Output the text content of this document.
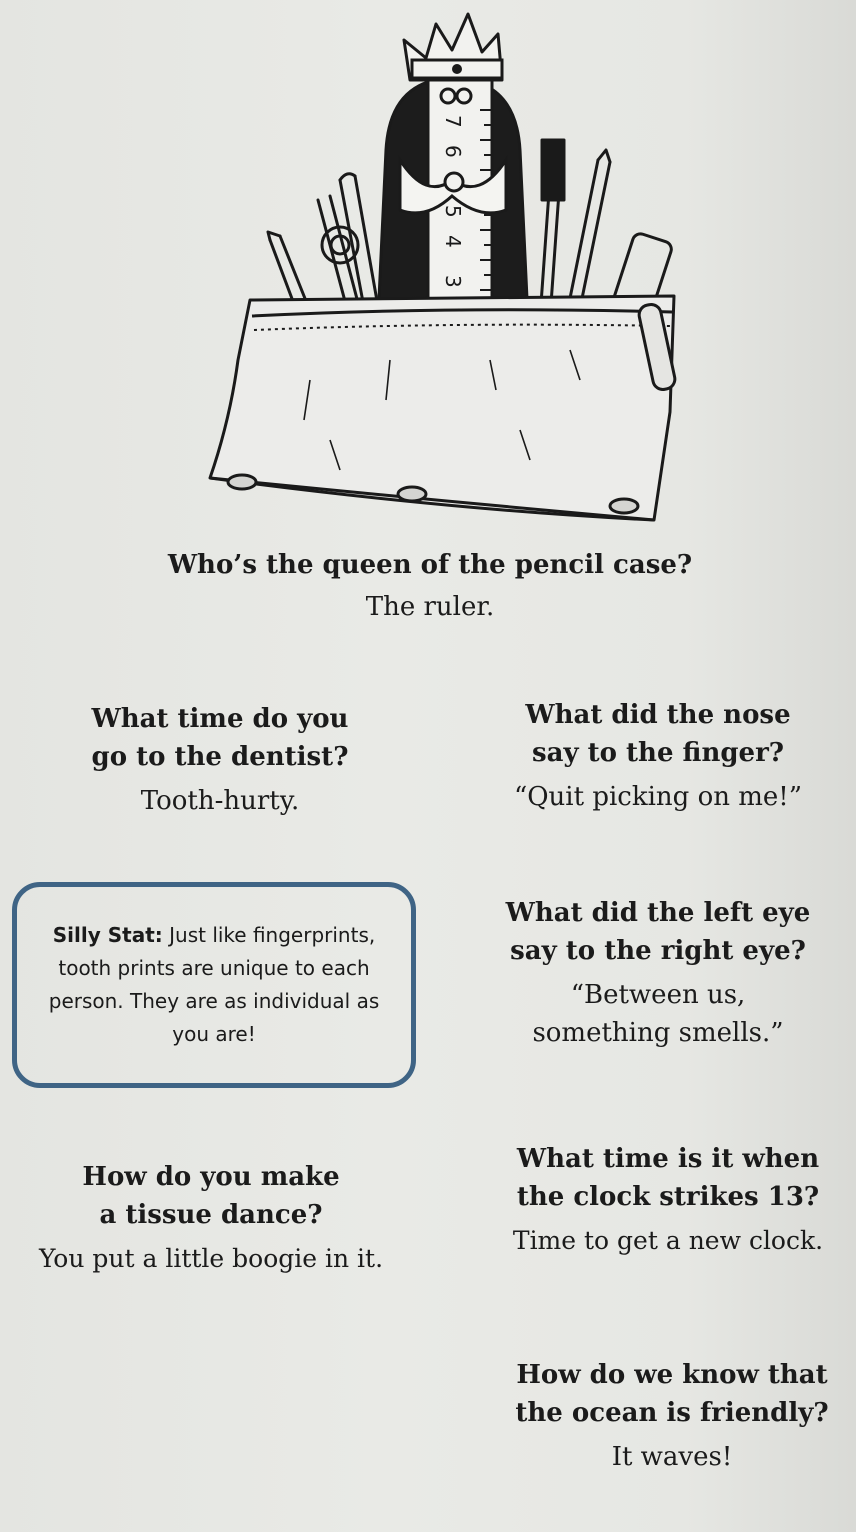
7
6
5
4
3

Who’s the queen of the pencil case?

The ruler.

What time do you
go to the dentist?

Tooth-hurty.

What did the nose
say to the finger?

“Quit picking on me!”

Silly Stat: Just like fingerprints, tooth prints are unique to each person. They are as individual as you are!

What did the left eye
say to the right eye?

“Between us,
something smells.”

How do you make
a tissue dance?

You put a little boogie in it.

What time is it when
the clock strikes 13?

Time to get a new clock.

How do we know that
the ocean is friendly?

It waves!
